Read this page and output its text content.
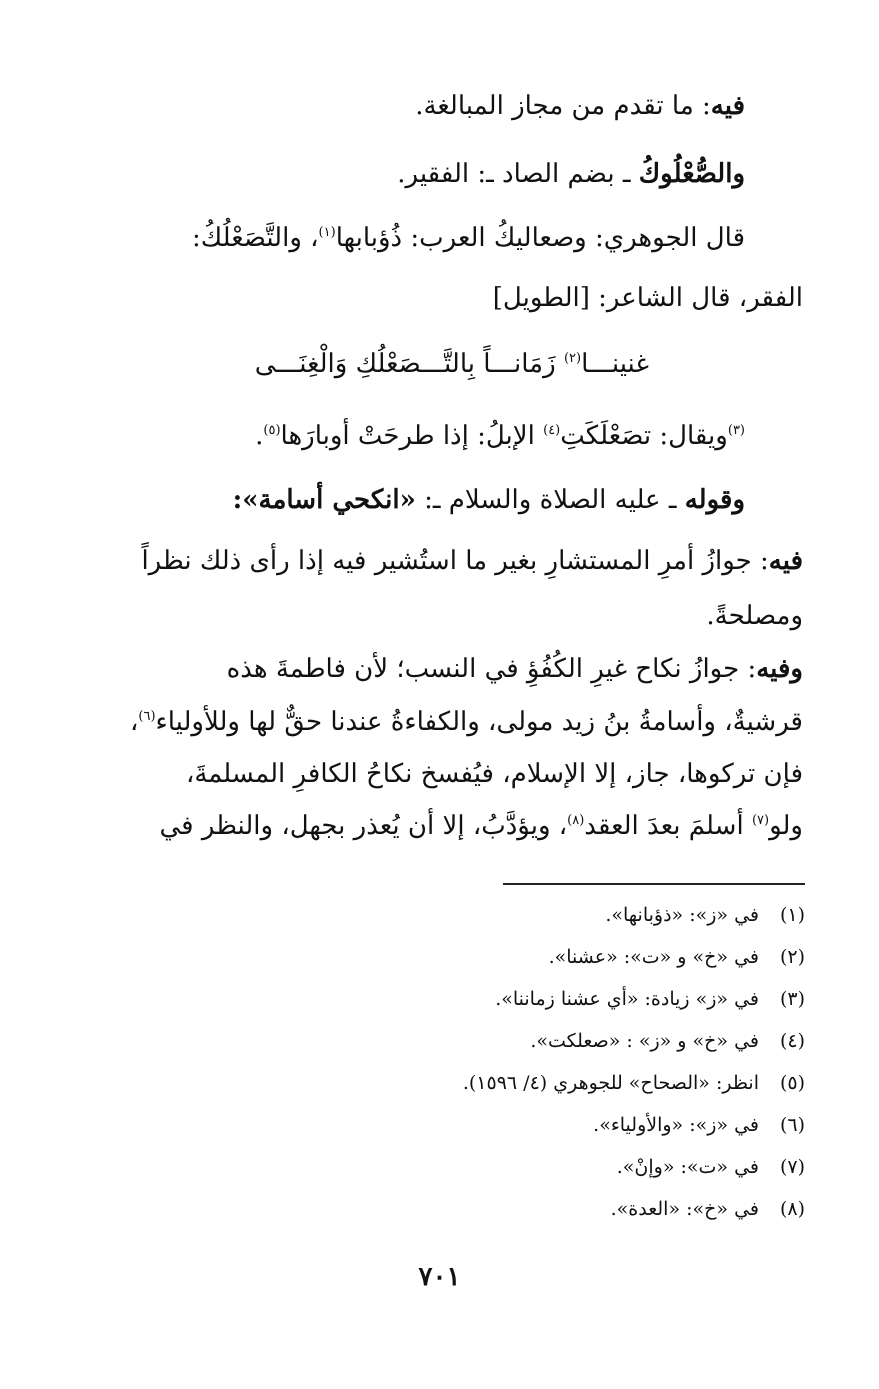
فيه: ما تقدم من مجاز المبالغة.
والصُّعْلُوكُ ـ بضم الصاد ـ: الفقير.
قال الجوهري: وصعاليكُ العرب: ذُؤبابها$^{(١)}$، والتَّصَعْلُكُ:
الفقر، قال الشاعر: [الطويل]
غنينـــا$^{(٢)}$ زَمَانـــاً بِالتَّـــصَعْلُكِ وَالْغِنَـــى
$^{(٣)}$ويقال: تصَعْلَكَتِ$^{(٤)}$ الإبلُ: إذا طرحَتْ أوبارَها$^{(٥)}$.
وقوله ـ عليه الصلاة والسلام ـ: «انكحي أسامة»:
فيه: جوازُ أمرِ المستشارِ بغير ما استُشير فيه إذا رأى ذلك نظراً
ومصلحةً.
وفيه: جوازُ نكاح غيرِ الكُفُؤِ في النسب؛ لأن فاطمةَ هذه
قرشيةٌ، وأسامةُ بنُ زيد مولى، والكفاءةُ عندنا حقٌّ لها وللأولياء$^{(٦)}$،
فإن تركوها، جاز، إلا الإسلام، فيُفسخ نكاحُ الكافرِ المسلمةَ،
ولو$^{(٧)}$ أسلمَ بعدَ العقد$^{(٨)}$، ويؤدَّبُ، إلا أن يُعذر بجهل، والنظر في
(١)في «ز»: «ذؤبانها».
(٢)في «خ» و «ت»: «عشنا».
(٣)في «ز» زيادة: «أي عشنا زماننا».
(٤)في «خ» و «ز» : «صعلكت».
(٥)انظر: «الصحاح» للجوهري (٤/ ١٥٩٦).
(٦)في «ز»: «والأولياء».
(٧)في «ت»: «وإنْ».
(٨)في «خ»: «العدة».
٧٠١
